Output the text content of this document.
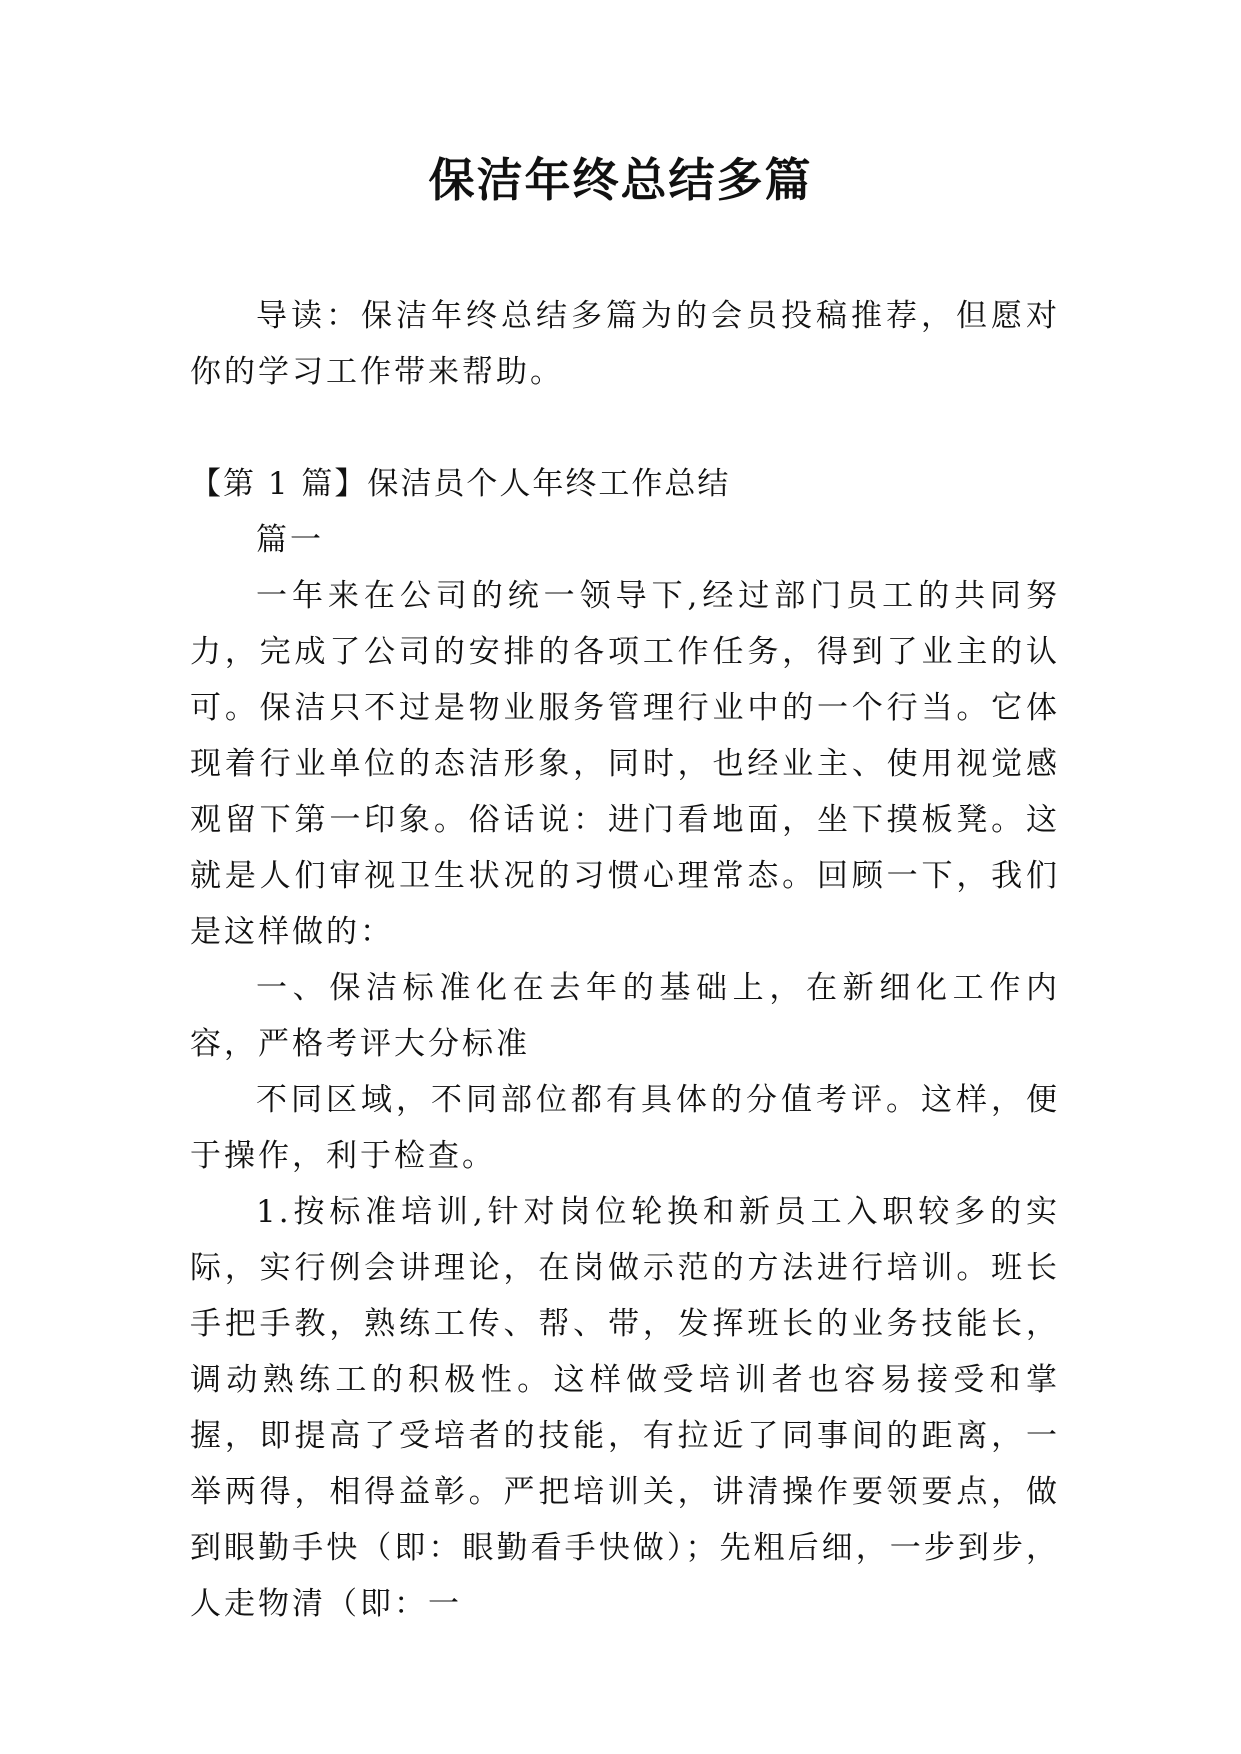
保洁年终总结多篇

导读：保洁年终总结多篇为的会员投稿推荐，但愿对你的学习工作带来帮助。

【第 1 篇】保洁员个人年终工作总结

篇一

一年来在公司的统一领导下,经过部门员工的共同努力，完成了公司的安排的各项工作任务，得到了业主的认可。保洁只不过是物业服务管理行业中的一个行当。它体现着行业单位的态洁形象，同时，也经业主、使用视觉感观留下第一印象。俗话说：进门看地面，坐下摸板凳。这就是人们审视卫生状况的习惯心理常态。回顾一下，我们是这样做的：

一、保洁标准化在去年的基础上，在新细化工作内容，严格考评大分标准

不同区域，不同部位都有具体的分值考评。这样，便于操作，利于检查。

1.按标准培训,针对岗位轮换和新员工入职较多的实际，实行例会讲理论，在岗做示范的方法进行培训。班长手把手教，熟练工传、帮、带，发挥班长的业务技能长，调动熟练工的积极性。这样做受培训者也容易接受和掌握，即提高了受培者的技能，有拉近了同事间的距离，一举两得，相得益彰。严把培训关，讲清操作要领要点，做到眼勤手快（即：眼勤看手快做）；先粗后细，一步到步，人走物清（即：一
